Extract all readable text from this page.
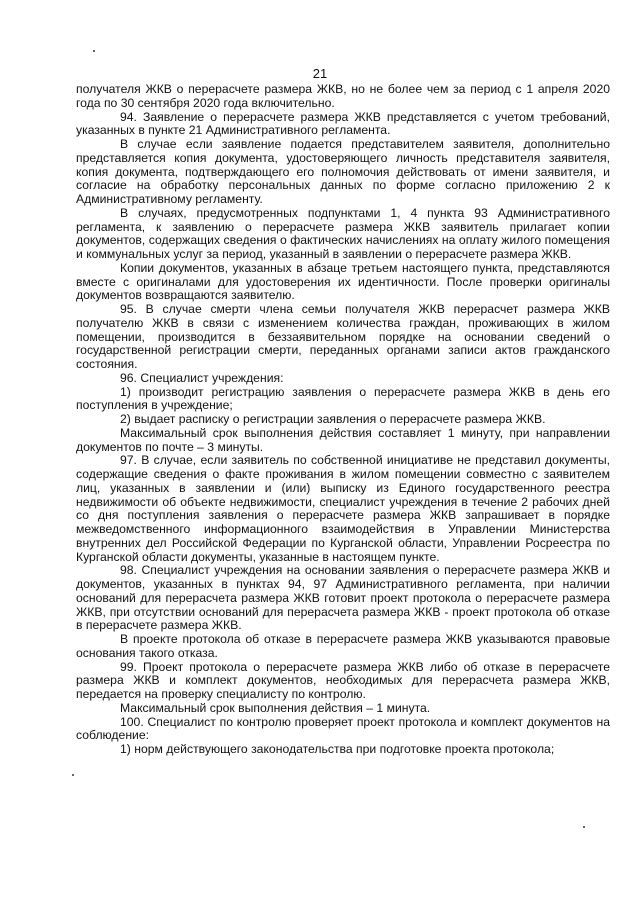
21

получателя ЖКВ о перерасчете размера ЖКВ, но не более чем за период с 1 апреля 2020 года по 30 сентября 2020 года включительно.

94. Заявление о перерасчете размера ЖКВ представляется с учетом требований, указанных в пункте 21 Административного регламента.

В случае если заявление подается представителем заявителя, дополнительно представляется копия документа, удостоверяющего личность представителя заявителя, копия документа, подтверждающего его полномочия действовать от имени заявителя, и согласие на обработку персональных данных по форме согласно приложению 2 к Административному регламенту.

В случаях, предусмотренных подпунктами 1, 4 пункта 93 Административного регламента, к заявлению о перерасчете размера ЖКВ заявитель прилагает копии документов, содержащих сведения о фактических начислениях на оплату жилого помещения и коммунальных услуг за период, указанный в заявлении о перерасчете размера ЖКВ.

Копии документов, указанных в абзаце третьем настоящего пункта, представляются вместе с оригиналами для удостоверения их идентичности. После проверки оригиналы документов возвращаются заявителю.

95. В случае смерти члена семьи получателя ЖКВ перерасчет размера ЖКВ получателю ЖКВ в связи с изменением количества граждан, проживающих в жилом помещении, производится в беззаявительном порядке на основании сведений о государственной регистрации смерти, переданных органами записи актов гражданского состояния.

96. Специалист учреждения:

1) производит регистрацию заявления о перерасчете размера ЖКВ в день его поступления в учреждение;

2) выдает расписку о регистрации заявления о перерасчете размера ЖКВ.

Максимальный срок выполнения действия составляет 1 минуту, при направлении документов по почте – 3 минуты.

97. В случае, если заявитель по собственной инициативе не представил документы, содержащие сведения о факте проживания в жилом помещении совместно с заявителем лиц, указанных в заявлении и (или) выписку из Единого государственного реестра недвижимости об объекте недвижимости, специалист учреждения в течение 2 рабочих дней со дня поступления заявления о перерасчете размера ЖКВ запрашивает в порядке межведомственного информационного взаимодействия в Управлении Министерства внутренних дел Российской Федерации по Курганской области, Управлении Росреестра по Курганской области документы, указанные в настоящем пункте.

98. Специалист учреждения на основании заявления о перерасчете размера ЖКВ и документов, указанных в пунктах 94, 97 Административного регламента, при наличии оснований для перерасчета размера ЖКВ готовит проект протокола о перерасчете размера ЖКВ, при отсутствии оснований для перерасчета размера ЖКВ - проект протокола об отказе в перерасчете размера ЖКВ.

В проекте протокола об отказе в перерасчете размера ЖКВ указываются правовые основания такого отказа.

99. Проект протокола о перерасчете размера ЖКВ либо об отказе в перерасчете размера ЖКВ и комплект документов, необходимых для перерасчета размера ЖКВ, передается на проверку специалисту по контролю.

Максимальный срок выполнения действия – 1 минута.

100. Специалист по контролю проверяет проект протокола и комплект документов на соблюдение:

1) норм действующего законодательства при подготовке проекта протокола;
